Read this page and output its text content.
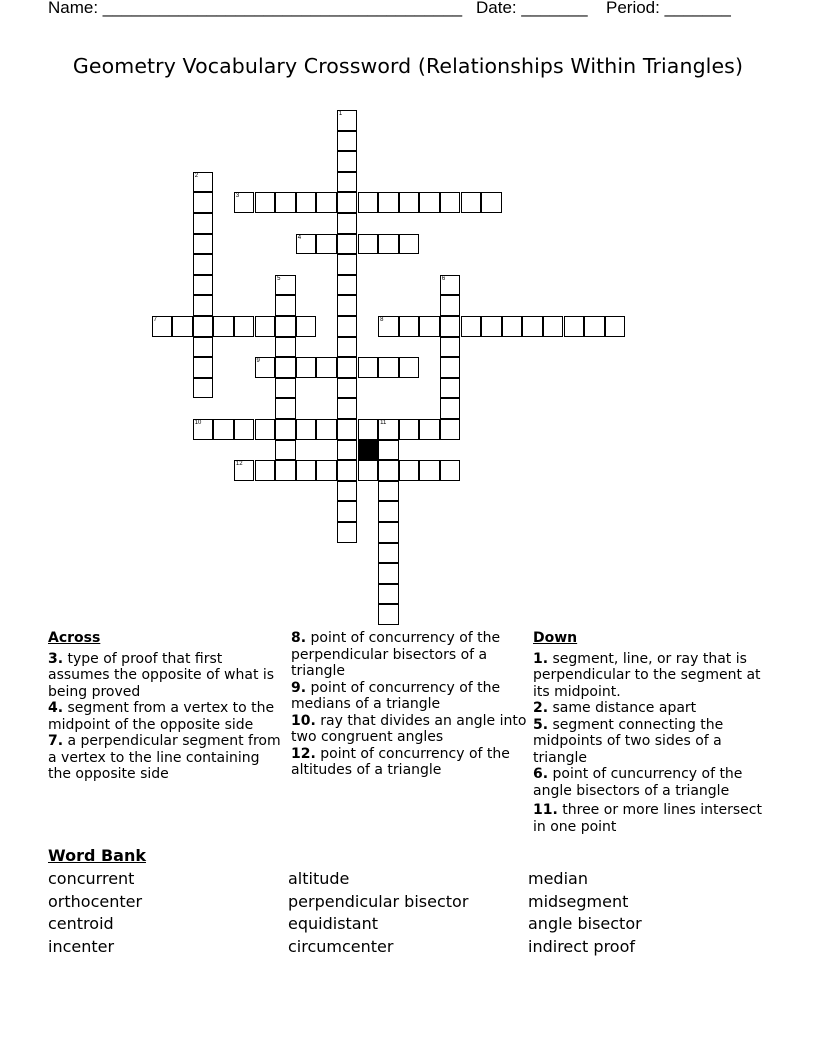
Name: ______________________________________ Date: _______ Period: _______
Geometry Vocabulary Crossword (Relationships Within Triangles)
1
2
3
4
5	6
7	8
9
10	11
12
Across

3. type of proof that first assumes the opposite of what is being proved

4. segment from a vertex to the midpoint of the opposite side

7. a perpendicular segment from a vertex to the line containing the opposite side

8. point of concurrency of the perpendicular bisectors of a triangle

9. point of concurrency of the medians of a triangle

10. ray that divides an angle into two congruent angles

12. point of concurrency of the altitudes of a triangle

Down

1. segment, line, or ray that is perpendicular to the segment at its midpoint.

2. same distance apart

5. segment connecting the midpoints of two sides of a triangle

6. point of cuncurrency of the angle bisectors of a triangle

11. three or more lines intersect in one point

Word Bank
concurrent
orthocenter
centroid
incenter
altitude
perpendicular bisector
equidistant
circumcenter
median
midsegment
angle bisector
indirect proof
